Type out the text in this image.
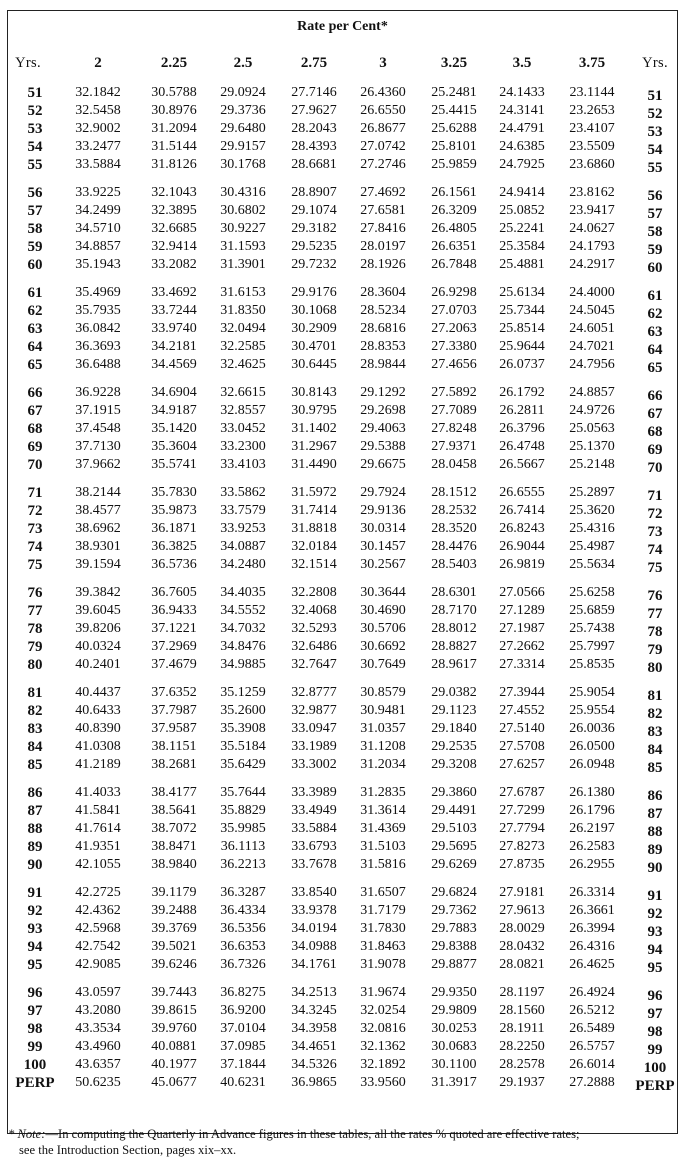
Rate per Cent*
Yrs.	2	2.25	2.5	2.75	3	3.25	3.5	3.75	Yrs.
51 32.1842 30.5788 29.0924 27.7146 26.4360 25.2481 24.1433 23.1144 51
52 32.5458 30.8976 29.3736 27.9627 26.6550 25.4415 24.3141 23.2653 52
53 32.9002 31.2094 29.6480 28.2043 26.8677 25.6288 24.4791 23.4107 53
54 33.2477 31.5144 29.9157 28.4393 27.0742 25.8101 24.6385 23.5509 54
55 33.5884 31.8126 30.1768 28.6681 27.2746 25.9859 24.7925 23.6860 55
56 33.9225 32.1043 30.4316 28.8907 27.4692 26.1561 24.9414 23.8162 56
57 34.2499 32.3895 30.6802 29.1074 27.6581 26.3209 25.0852 23.9417 57
58 34.5710 32.6685 30.9227 29.3182 27.8416 26.4805 25.2241 24.0627 58
59 34.8857 32.9414 31.1593 29.5235 28.0197 26.6351 25.3584 24.1793 59
60 35.1943 33.2082 31.3901 29.7232 28.1926 26.7848 25.4881 24.2917 60
61 35.4969 33.4692 31.6153 29.9176 28.3604 26.9298 25.6134 24.4000 61
62 35.7935 33.7244 31.8350 30.1068 28.5234 27.0703 25.7344 24.5045 62
63 36.0842 33.9740 32.0494 30.2909 28.6816 27.2063 25.8514 24.6051 63
64 36.3693 34.2181 32.2585 30.4701 28.8353 27.3380 25.9644 24.7021 64
65 36.6488 34.4569 32.4625 30.6445 28.9844 27.4656 26.0737 24.7956 65
66 36.9228 34.6904 32.6615 30.8143 29.1292 27.5892 26.1792 24.8857 66
67 37.1915 34.9187 32.8557 30.9795 29.2698 27.7089 26.2811 24.9726 67
68 37.4548 35.1420 33.0452 31.1402 29.4063 27.8248 26.3796 25.0563 68
69 37.7130 35.3604 33.2300 31.2967 29.5388 27.9371 26.4748 25.1370 69
70 37.9662 35.5741 33.4103 31.4490 29.6675 28.0458 26.5667 25.2148 70
71 38.2144 35.7830 33.5862 31.5972 29.7924 28.1512 26.6555 25.2897 71
72 38.4577 35.9873 33.7579 31.7414 29.9136 28.2532 26.7414 25.3620 72
73 38.6962 36.1871 33.9253 31.8818 30.0314 28.3520 26.8243 25.4316 73
74 38.9301 36.3825 34.0887 32.0184 30.1457 28.4476 26.9044 25.4987 74
75 39.1594 36.5736 34.2480 32.1514 30.2567 28.5403 26.9819 25.5634 75
76 39.3842 36.7605 34.4035 32.2808 30.3644 28.6301 27.0566 25.6258 76
77 39.6045 36.9433 34.5552 32.4068 30.4690 28.7170 27.1289 25.6859 77
78 39.8206 37.1221 34.7032 32.5293 30.5706 28.8012 27.1987 25.7438 78
79 40.0324 37.2969 34.8476 32.6486 30.6692 28.8827 27.2662 25.7997 79
80 40.2401 37.4679 34.9885 32.7647 30.7649 28.9617 27.3314 25.8535 80
81 40.4437 37.6352 35.1259 32.8777 30.8579 29.0382 27.3944 25.9054 81
82 40.6433 37.7987 35.2600 32.9877 30.9481 29.1123 27.4552 25.9554 82
83 40.8390 37.9587 35.3908 33.0947 31.0357 29.1840 27.5140 26.0036 83
84 41.0308 38.1151 35.5184 33.1989 31.1208 29.2535 27.5708 26.0500 84
85 41.2189 38.2681 35.6429 33.3002 31.2034 29.3208 27.6257 26.0948 85
86 41.4033 38.4177 35.7644 33.3989 31.2835 29.3860 27.6787 26.1380 86
87 41.5841 38.5641 35.8829 33.4949 31.3614 29.4491 27.7299 26.1796 87
88 41.7614 38.7072 35.9985 33.5884 31.4369 29.5103 27.7794 26.2197 88
89 41.9351 38.8471 36.1113 33.6793 31.5103 29.5695 27.8273 26.2583 89
90 42.1055 38.9840 36.2213 33.7678 31.5816 29.6269 27.8735 26.2955 90
91 42.2725 39.1179 36.3287 33.8540 31.6507 29.6824 27.9181 26.3314 91
92 42.4362 39.2488 36.4334 33.9378 31.7179 29.7362 27.9613 26.3661 92
93 42.5968 39.3769 36.5356 34.0194 31.7830 29.7883 28.0029 26.3994 93
94 42.7542 39.5021 36.6353 34.0988 31.8463 29.8388 28.0432 26.4316 94
95 42.9085 39.6246 36.7326 34.1761 31.9078 29.8877 28.0821 26.4625 95
96 43.0597 39.7443 36.8275 34.2513 31.9674 29.9350 28.1197 26.4924 96
97 43.2080 39.8615 36.9200 34.3245 32.0254 29.9809 28.1560 26.5212 97
98 43.3534 39.9760 37.0104 34.3958 32.0816 30.0253 28.1911 26.5489 98
99 43.4960 40.0881 37.0985 34.4651 32.1362 30.0683 28.2250 26.5757 99
100 43.6357 40.1977 37.1844 34.5326 32.1892 30.1100 28.2578 26.6014 100
PERP 50.6235 45.0677 40.6231 36.9865 33.9560 31.3917 29.1937 27.2888 PERP
* Note:—In computing the Quarterly in Advance figures in these tables, all the rates % quoted are effective rates;
see the Introduction Section, pages xix–xx.
